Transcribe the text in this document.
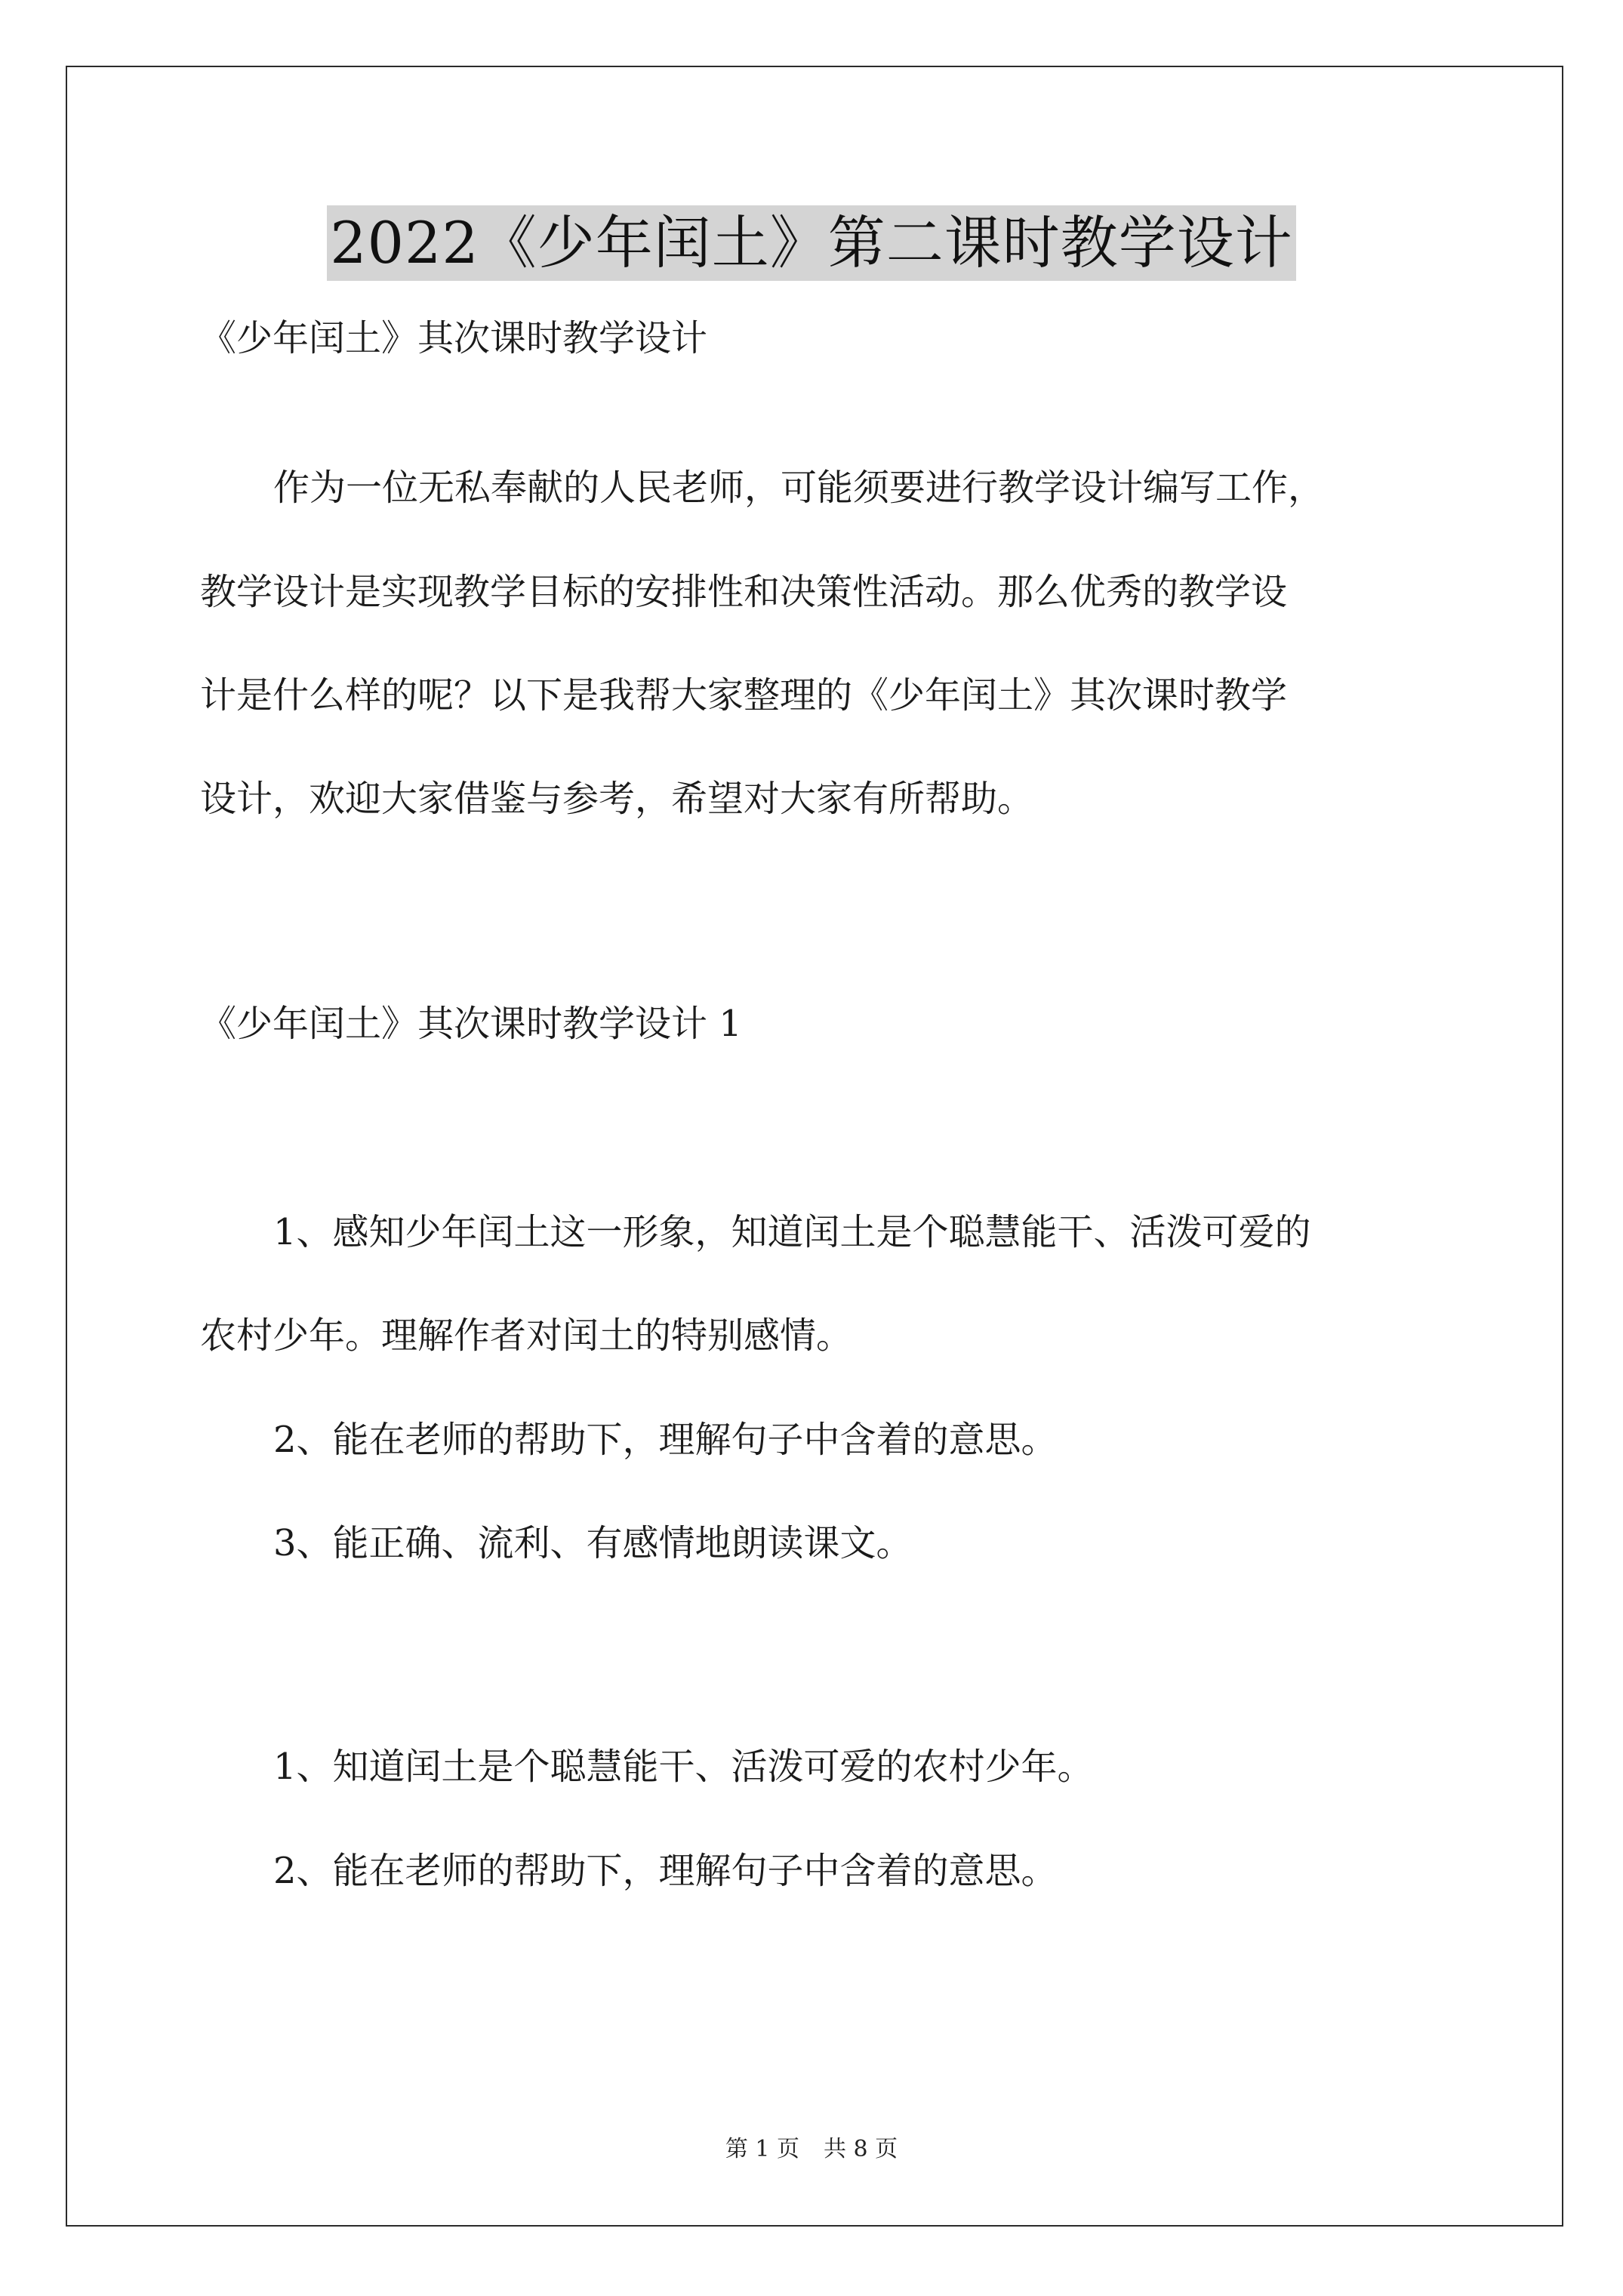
2022《少年闰土》第二课时教学设计
《少年闰土》其次课时教学设计
作为一位无私奉献的人民老师，可能须要进行教学设计编写工作，
教学设计是实现教学目标的安排性和决策性活动。那么优秀的教学设
计是什么样的呢？以下是我帮大家整理的《少年闰土》其次课时教学
设计，欢迎大家借鉴与参考，希望对大家有所帮助。
《少年闰土》其次课时教学设计 1
1、感知少年闰土这一形象，知道闰土是个聪慧能干、活泼可爱的
农村少年。理解作者对闰土的特别感情。
2、能在老师的帮助下，理解句子中含着的意思。
3、能正确、流利、有感情地朗读课文。
1、知道闰土是个聪慧能干、活泼可爱的农村少年。
2、能在老师的帮助下，理解句子中含着的意思。
第 1 页 共 8 页
